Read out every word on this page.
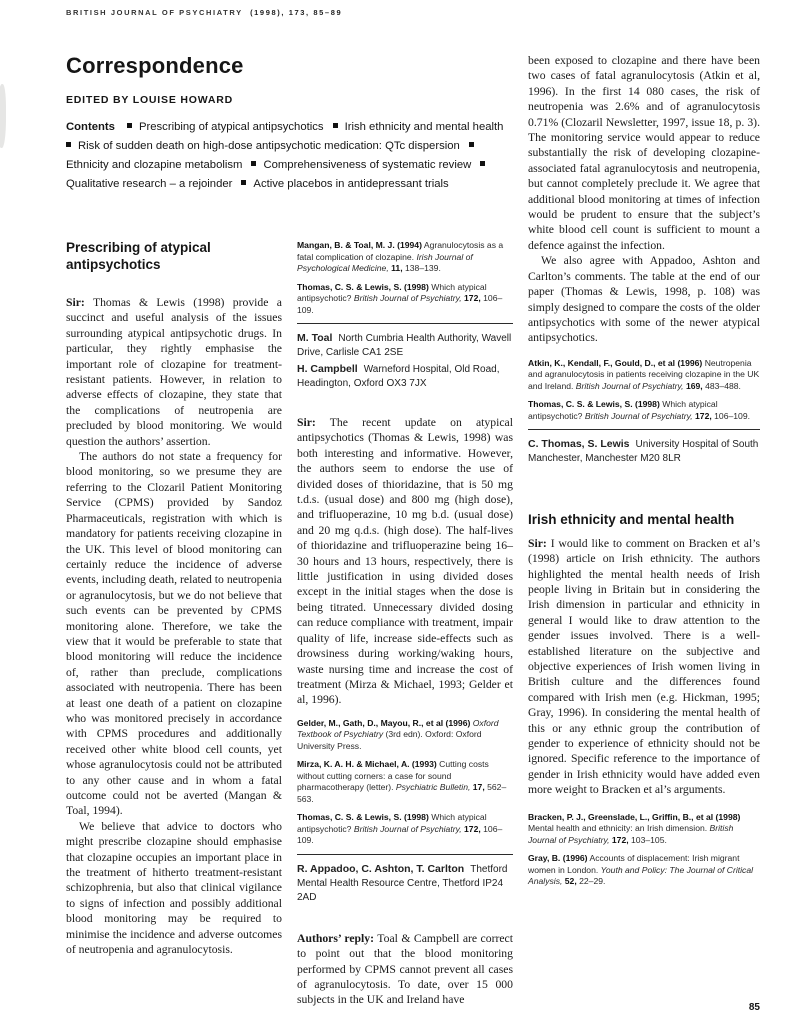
BRITISH JOURNAL OF PSYCHIATRY (1998), 173, 85–89
Correspondence
EDITED BY LOUISE HOWARD
Contents Prescribing of atypical antipsychotics Irish ethnicity and mental healthRisk of sudden death on high-dose antipsychotic medication: QTc dispersionEthnicity and clozapine metabolism Comprehensiveness of systematic reviewQualitative research – a rejoinder Active placebos in antidepressant trials
Prescribing of atypical antipsychotics

Sir: Thomas & Lewis (1998) provide a succinct and useful analysis of the issues surrounding atypical antipsychotic drugs. In particular, they rightly emphasise the important role of clozapine for treatment-resistant patients. However, in relation to adverse effects of clozapine, they state that the complications of neutropenia are precluded by blood monitoring. We would question the authors’ assertion.

The authors do not state a frequency for blood monitoring, so we presume they are referring to the Clozaril Patient Monitoring Service (CPMS) provided by Sandoz Pharmaceuticals, registration with which is mandatory for patients receiving clozapine in the UK. This level of blood monitoring can certainly reduce the incidence of adverse events, including death, related to neutropenia or agranulocytosis, but we do not believe that such events can be prevented by CPMS monitoring alone. Therefore, we take the view that it would be preferable to state that blood monitoring will reduce the incidence of, rather than preclude, complications associated with neutropenia. There has been at least one death of a patient on clozapine who was monitored precisely in accordance with CPMS procedures and additionally received other white blood cell counts, yet whose agranulocytosis could not be attributed to any other cause and in whom a fatal outcome could not be averted (Mangan & Toal, 1994).

We believe that advice to doctors who might prescribe clozapine should emphasise that clozapine occupies an important place in the treatment of hitherto treatment-resistant schizophrenia, but also that clinical vigilance to signs of infection and possibly additional blood monitoring may be required to minimise the incidence and adverse outcomes of neutropenia and agranulocytosis.

Mangan, B. & Toal, M. J. (1994) Agranulocytosis as a fatal complication of clozapine. Irish Journal of Psychological Medicine, 11, 138–139.

Thomas, C. S. & Lewis, S. (1998) Which atypical antipsychotic? British Journal of Psychiatry, 172, 106–109.

M. Toal North Cumbria Health Authority, Wavell Drive, Carlisle CA1 2SE

H. Campbell Warneford Hospital, Old Road, Headington, Oxford OX3 7JX

Sir: The recent update on atypical antipsychotics (Thomas & Lewis, 1998) was both interesting and informative. However, the authors seem to endorse the use of divided doses of thioridazine, that is 50 mg t.d.s. (usual dose) and 800 mg (high dose), and trifluoperazine, 10 mg b.d. (usual dose) and 20 mg q.d.s. (high dose). The half-lives of thioridazine and trifluoperazine being 16–30 hours and 13 hours, respectively, there is little justification in using divided doses except in the initial stages when the dose is being titrated. Unnecessary divided dosing can reduce compliance with treatment, impair quality of life, increase side-effects such as drowsiness during working/waking hours, waste nursing time and increase the cost of treatment (Mirza & Michael, 1993; Gelder et al, 1996).

Gelder, M., Gath, D., Mayou, R., et al (1996) Oxford Textbook of Psychiatry (3rd edn). Oxford: Oxford University Press.

Mirza, K. A. H. & Michael, A. (1993) Cutting costs without cutting corners: a case for sound pharmacotherapy (letter). Psychiatric Bulletin, 17, 562–563.

Thomas, C. S. & Lewis, S. (1998) Which atypical antipsychotic? British Journal of Psychiatry, 172, 106–109.

R. Appadoo, C. Ashton, T. Carlton Thetford Mental Health Resource Centre, Thetford IP24 2AD

Authors’ reply: Toal & Campbell are correct to point out that the blood monitoring performed by CPMS cannot prevent all cases of agranulocytosis. To date, over 15 000 subjects in the UK and Ireland have

been exposed to clozapine and there have been two cases of fatal agranulocytosis (Atkin et al, 1996). In the first 14 080 cases, the risk of neutropenia was 2.6% and of agranulocytosis 0.71% (Clozaril Newsletter, 1997, issue 18, p. 3). The monitoring service would appear to reduce substantially the risk of developing clozapine-associated fatal agranulocytosis and neutropenia, but cannot completely preclude it. We agree that additional blood monitoring at times of infection would be prudent to ensure that the subject’s white blood cell count is sufficient to mount a defence against the infection.

We also agree with Appadoo, Ashton and Carlton’s comments. The table at the end of our paper (Thomas & Lewis, 1998, p. 108) was simply designed to compare the costs of the older antipsychotics with some of the newer atypical antipsychotics.

Atkin, K., Kendall, F., Gould, D., et al (1996) Neutropenia and agranulocytosis in patients receiving clozapine in the UK and Ireland. British Journal of Psychiatry, 169, 483–488.

Thomas, C. S. & Lewis, S. (1998) Which atypical antipsychotic? British Journal of Psychiatry, 172, 106–109.

C. Thomas, S. Lewis University Hospital of South Manchester, Manchester M20 8LR

Irish ethnicity and mental health

Sir: I would like to comment on Bracken et al’s (1998) article on Irish ethnicity. The authors highlighted the mental health needs of Irish people living in Britain but in considering the Irish dimension in particular and ethnicity in general I would like to draw attention to the gender issues involved. There is a well-established literature on the subjective and objective experiences of Irish women living in British culture and the differences found compared with Irish men (e.g. Hickman, 1995; Gray, 1996). In considering the mental health of this or any ethnic group the contribution of gender to experience of ethnicity should not be ignored. Specific reference to the importance of gender in Irish ethnicity would have added even more weight to Bracken et al’s arguments.

Bracken, P. J., Greenslade, L., Griffin, B., et al (1998) Mental health and ethnicity: an Irish dimension. British Journal of Psychiatry, 172, 103–105.

Gray, B. (1996) Accounts of displacement: Irish migrant women in London. Youth and Policy: The Journal of Critical Analysis, 52, 22–29.

85
